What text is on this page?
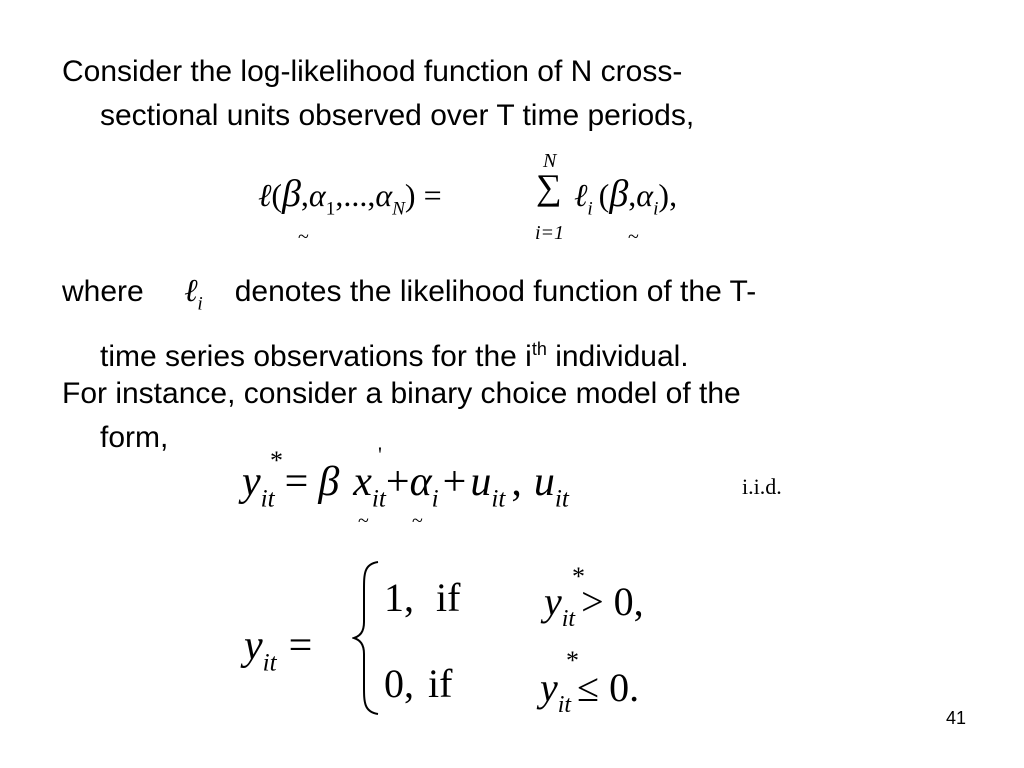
Consider the log-likelihood function of N cross-
sectional units observed over T time periods,
$\ell(\beta,\alpha_1,...,\alpha_N)$ =	∑
N
i=1
ℓ$_i$ $(\beta,\alpha_i)$,
~	~
where ℓ$_i$ denotes the likelihood function of the T-
time series observations for the $i^{th}$ individual.
For instance, consider a binary choice model of the
form,
$y_{it} = \beta$ $x_{it}+\alpha_i+u_{it}$ , $u_{it}$
*	'
i.i.d.
~ ~
$y_{it}$ =
1, if $y_{it} > 0$,
*
0, if $y_{it} \le 0$.
*
41
